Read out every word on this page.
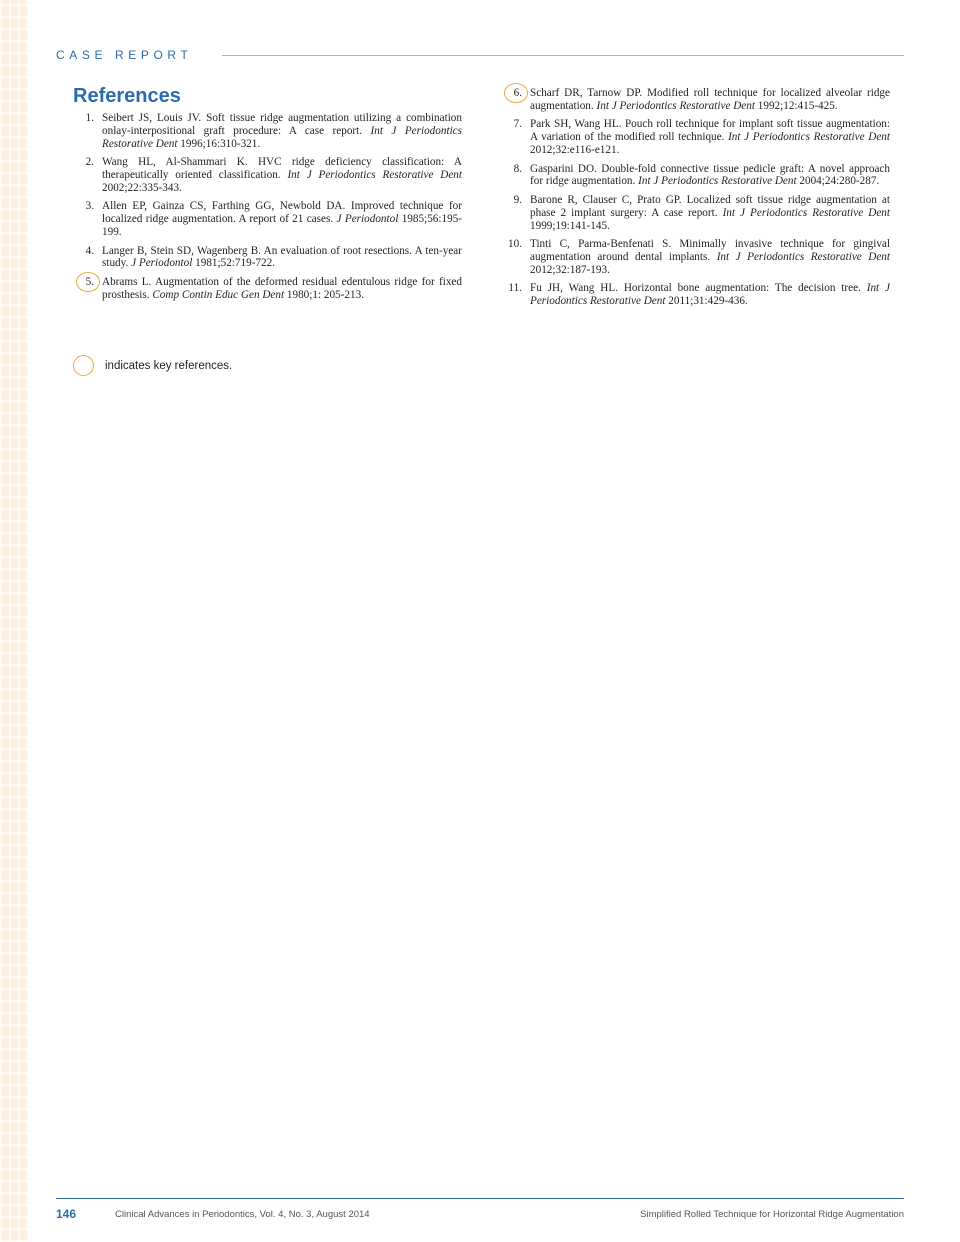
CASE REPORT
References
1. Seibert JS, Louis JV. Soft tissue ridge augmentation utilizing a combination onlay-interpositional graft procedure: A case report. Int J Periodontics Restorative Dent 1996;16:310-321.
2. Wang HL, Al-Shammari K. HVC ridge deficiency classification: A therapeutically oriented classification. Int J Periodontics Restorative Dent 2002;22:335-343.
3. Allen EP, Gainza CS, Farthing GG, Newbold DA. Improved technique for localized ridge augmentation. A report of 21 cases. J Periodontol 1985;56:195-199.
4. Langer B, Stein SD, Wagenberg B. An evaluation of root resections. A ten-year study. J Periodontol 1981;52:719-722.
5. Abrams L. Augmentation of the deformed residual edentulous ridge for fixed prosthesis. Comp Contin Educ Gen Dent 1980;1: 205-213.
6. Scharf DR, Tarnow DP. Modified roll technique for localized alveolar ridge augmentation. Int J Periodontics Restorative Dent 1992;12:415-425.
7. Park SH, Wang HL. Pouch roll technique for implant soft tissue augmentation: A variation of the modified roll technique. Int J Periodontics Restorative Dent 2012;32:e116-e121.
8. Gasparini DO. Double-fold connective tissue pedicle graft: A novel approach for ridge augmentation. Int J Periodontics Restorative Dent 2004;24:280-287.
9. Barone R, Clauser C, Prato GP. Localized soft tissue ridge augmentation at phase 2 implant surgery: A case report. Int J Periodontics Restorative Dent 1999;19:141-145.
10. Tinti C, Parma-Benfenati S. Minimally invasive technique for gingival augmentation around dental implants. Int J Periodontics Restorative Dent 2012;32:187-193.
11. Fu JH, Wang HL. Horizontal bone augmentation: The decision tree. Int J Periodontics Restorative Dent 2011;31:429-436.
indicates key references.
146	Clinical Advances in Periodontics, Vol. 4, No. 3, August 2014	Simplified Rolled Technique for Horizontal Ridge Augmentation
